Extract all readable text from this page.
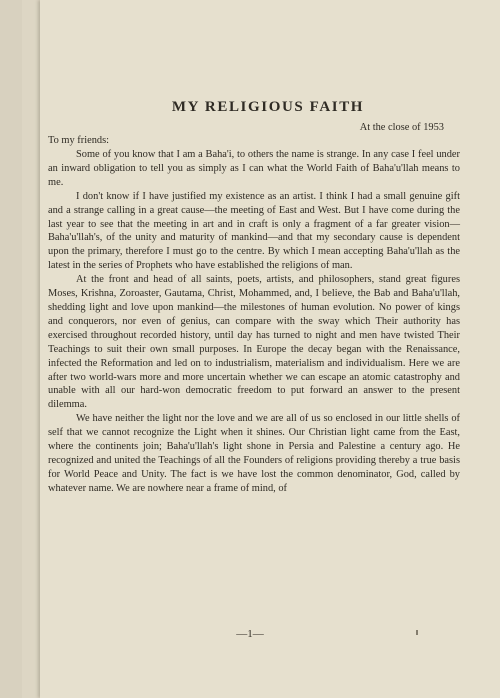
MY RELIGIOUS FAITH
At the close of 1953
To my friends:

Some of you know that I am a Baha'i, to others the name is strange. In any case I feel under an inward obligation to tell you as simply as I can what the World Faith of Baha'u'llah means to me.

I don't know if I have justified my existence as an artist. I think I had a small genuine gift and a strange calling in a great cause—the meeting of East and West. But I have come during the last year to see that the meeting in art and in craft is only a fragment of a far greater vision—Baha'u'llah's, of the unity and maturity of mankind—and that my secondary cause is dependent upon the primary, therefore I must go to the centre. By which I mean accepting Baha'u'llah as the latest in the series of Prophets who have established the religions of man.

At the front and head of all saints, poets, artists, and philosophers, stand great figures Moses, Krishna, Zoroaster, Gautama, Christ, Mohammed, and, I believe, the Bab and Baha'u'llah, shedding light and love upon mankind—the milestones of human evolution. No power of kings and conquerors, nor even of genius, can compare with the sway which Their authority has exercised throughout recorded history, until day has turned to night and men have twisted Their Teachings to suit their own small purposes. In Europe the decay began with the Renaissance, infected the Reformation and led on to industrialism, materialism and individualism. Here we are after two world-wars more and more uncertain whether we can escape an atomic catastrophy and unable with all our hard-won democratic freedom to put forward an answer to the present dilemma.

We have neither the light nor the love and we are all of us so enclosed in our little shells of self that we cannot recognize the Light when it shines. Our Christian light came from the East, where the continents join; Baha'u'llah's light shone in Persia and Palestine a century ago. He recognized and united the Teachings of all the Founders of religions providing thereby a true basis for World Peace and Unity. The fact is we have lost the common denominator, God, called by whatever name. We are nowhere near a frame of mind, of

—1—
